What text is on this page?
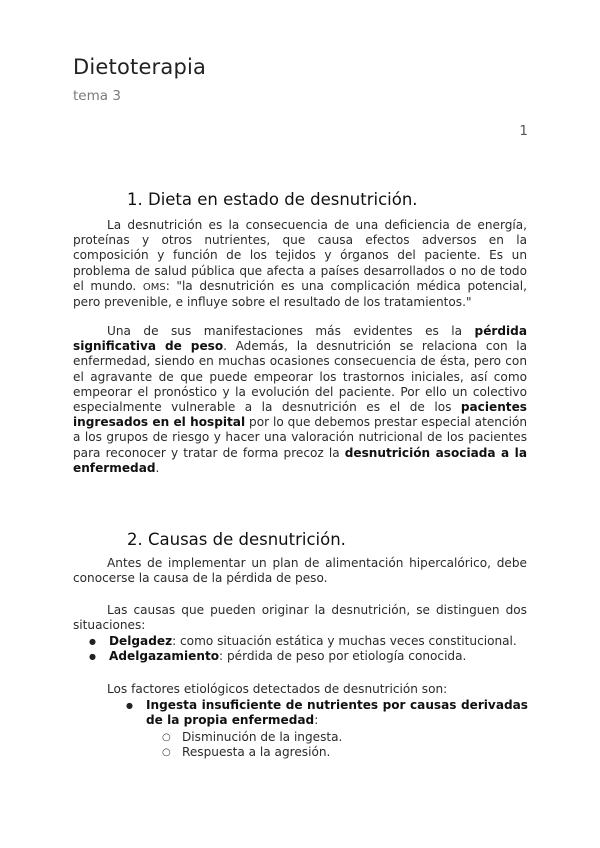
Dietoterapia
tema 3
1
1. Dieta en estado de desnutrición.
La desnutrición es la consecuencia de una deficiencia de energía, proteínas y otros nutrientes, que causa efectos adversos en la composición y función de los tejidos y órganos del paciente. Es un problema de salud pública que afecta a países desarrollados o no de todo el mundo. OMS: "la desnutrición es una complicación médica potencial, pero prevenible, e influye sobre el resultado de los tratamientos."
Una de sus manifestaciones más evidentes es la pérdida significativa de peso. Además, la desnutrición se relaciona con la enfermedad, siendo en muchas ocasiones consecuencia de ésta, pero con el agravante de que puede empeorar los trastornos iniciales, así como empeorar el pronóstico y la evolución del paciente. Por ello un colectivo especialmente vulnerable a la desnutrición es el de los pacientes ingresados en el hospital por lo que debemos prestar especial atención a los grupos de riesgo y hacer una valoración nutricional de los pacientes para reconocer y tratar de forma precoz la desnutrición asociada a la enfermedad.
2. Causas de desnutrición.
Antes de implementar un plan de alimentación hipercalórico, debe conocerse la causa de la pérdida de peso.
Las causas que pueden originar la desnutrición, se distinguen dos situaciones:
● Delgadez: como situación estática y muchas veces constitucional.
● Adelgazamiento: pérdida de peso por etiología conocida.
Los factores etiológicos detectados de desnutrición son:
● Ingesta insuficiente de nutrientes por causas derivadas de la propia enfermedad:
○ Disminución de la ingesta.
○ Respuesta a la agresión.
